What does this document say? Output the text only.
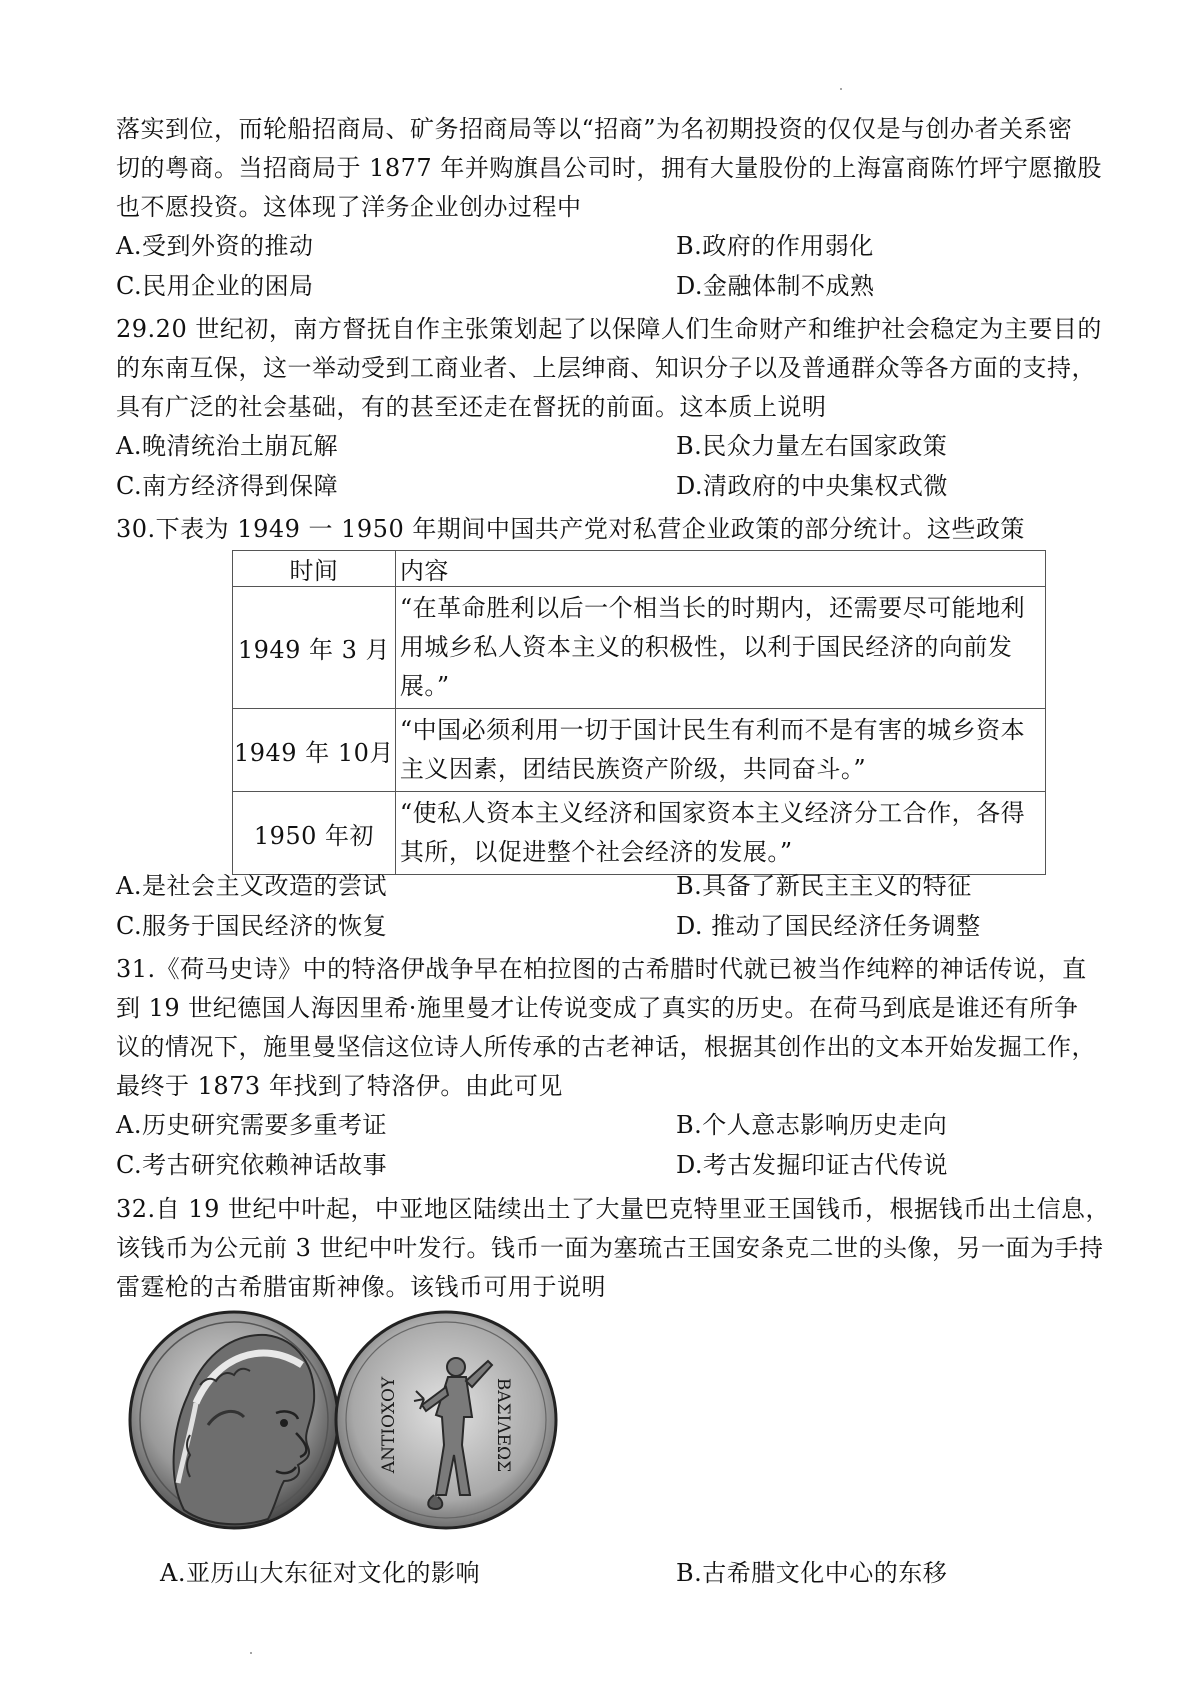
落实到位，而轮船招商局、矿务招商局等以“招商”为名初期投资的仅仅是与创办者关系密
切的粤商。当招商局于 1877 年并购旗昌公司时，拥有大量股份的上海富商陈竹坪宁愿撤股
也不愿投资。这体现了洋务企业创办过程中
A.受到外资的推动	B.政府的作用弱化
C.民用企业的困局	D.金融体制不成熟
29.20 世纪初，南方督抚自作主张策划起了以保障人们生命财产和维护社会稳定为主要目的
的东南互保，这一举动受到工商业者、上层绅商、知识分子以及普通群众等各方面的支持，
具有广泛的社会基础，有的甚至还走在督抚的前面。这本质上说明
A.晚清统治土崩瓦解	B.民众力量左右国家政策
C.南方经济得到保障	D.清政府的中央集权式微
30.下表为 1949 一 1950 年期间中国共产党对私营企业政策的部分统计。这些政策
时间	内容
1949 年 3 月	“在革命胜利以后一个相当长的时期内，还需要尽可能地利
用城乡私人资本主义的积极性，以利于国民经济的向前发
展。”

1949 年 10月	“中国必须利用一切于国计民生有利而不是有害的城乡资本
主义因素，团结民族资产阶级，共同奋斗。”

1950 年初	“使私人资本主义经济和国家资本主义经济分工合作，各得
其所，以促进整个社会经济的发展。”
A.是社会主义改造的尝试	B.具备了新民主主义的特征
C.服务于国民经济的恢复	D. 推动了国民经济任务调整
31.《荷马史诗》中的特洛伊战争早在柏拉图的古希腊时代就已被当作纯粹的神话传说，直
到 19 世纪德国人海因里希·施里曼才让传说变成了真实的历史。在荷马到底是谁还有所争
议的情况下，施里曼坚信这位诗人所传承的古老神话，根据其创作出的文本开始发掘工作，
最终于 1873 年找到了特洛伊。由此可见
A.历史研究需要多重考证	B.个人意志影响历史走向
C.考古研究依赖神话故事	D.考古发掘印证古代传说
32.自 19 世纪中叶起，中亚地区陆续出土了大量巴克特里亚王国钱币，根据钱币出土信息，
该钱币为公元前 3 世纪中叶发行。钱币一面为塞琉古王国安条克二世的头像，另一面为手持
雷霆枪的古希腊宙斯神像。该钱币可用于说明
ΑΝΤΙΟΧΟΥ	ΒΑΣΙΛΕΩΣ
A.亚历山大东征对文化的影响	B.古希腊文化中心的东移
